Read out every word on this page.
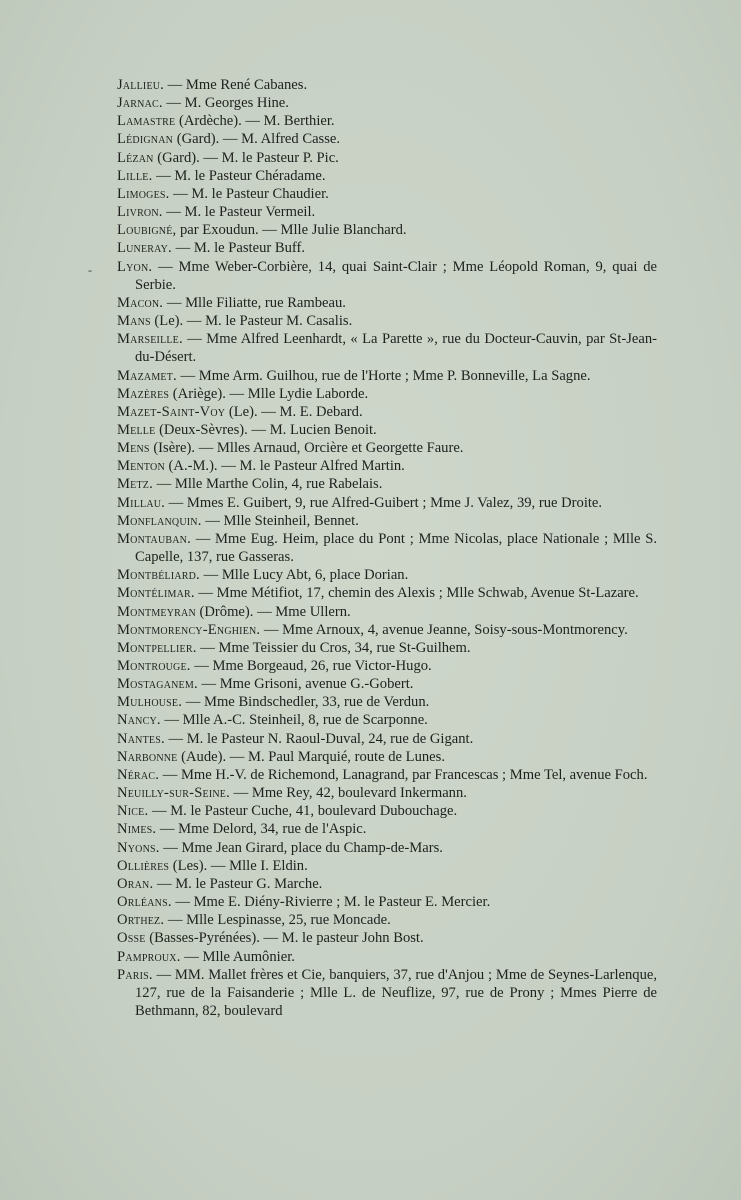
-
Jallieu. — Mme René Cabanes.
Jarnac. — M. Georges Hine.
Lamastre (Ardèche). — M. Berthier.
Lédignan (Gard). — M. Alfred Casse.
Lézan (Gard). — M. le Pasteur P. Pic.
Lille. — M. le Pasteur Chéradame.
Limoges. — M. le Pasteur Chaudier.
Livron. — M. le Pasteur Vermeil.
Loubigné, par Exoudun. — Mlle Julie Blanchard.
Luneray. — M. le Pasteur Buff.
Lyon. — Mme Weber-Corbière, 14, quai Saint-Clair ; Mme Léopold Roman, 9, quai de Serbie.
Macon. — Mlle Filiatte, rue Rambeau.
Mans (Le). — M. le Pasteur M. Casalis.
Marseille. — Mme Alfred Leenhardt, « La Parette », rue du Docteur-Cauvin, par St-Jean-du-Désert.
Mazamet. — Mme Arm. Guilhou, rue de l'Horte ; Mme P. Bonneville, La Sagne.
Mazères (Ariège). — Mlle Lydie Laborde.
Mazet-Saint-Voy (Le). — M. E. Debard.
Melle (Deux-Sèvres). — M. Lucien Benoit.
Mens (Isère). — Mlles Arnaud, Orcière et Georgette Faure.
Menton (A.-M.). — M. le Pasteur Alfred Martin.
Metz. — Mlle Marthe Colin, 4, rue Rabelais.
Millau. — Mmes E. Guibert, 9, rue Alfred-Guibert ; Mme J. Valez, 39, rue Droite.
Monflanquin. — Mlle Steinheil, Bennet.
Montauban. — Mme Eug. Heim, place du Pont ; Mme Nicolas, place Nationale ; Mlle S. Capelle, 137, rue Gasseras.
Montbéliard. — Mlle Lucy Abt, 6, place Dorian.
Montélimar. — Mme Métifiot, 17, chemin des Alexis ; Mlle Schwab, Avenue St-Lazare.
Montmeyran (Drôme). — Mme Ullern.
Montmorency-Enghien. — Mme Arnoux, 4, avenue Jeanne, Soisy-sous-Montmorency.
Montpellier. — Mme Teissier du Cros, 34, rue St-Guilhem.
Montrouge. — Mme Borgeaud, 26, rue Victor-Hugo.
Mostaganem. — Mme Grisoni, avenue G.-Gobert.
Mulhouse. — Mme Bindschedler, 33, rue de Verdun.
Nancy. — Mlle A.-C. Steinheil, 8, rue de Scarponne.
Nantes. — M. le Pasteur N. Raoul-Duval, 24, rue de Gigant.
Narbonne (Aude). — M. Paul Marquié, route de Lunes.
Nérac. — Mme H.-V. de Richemond, Lanagrand, par Francescas ; Mme Tel, avenue Foch.
Neuilly-sur-Seine. — Mme Rey, 42, boulevard Inkermann.
Nice. — M. le Pasteur Cuche, 41, boulevard Dubouchage.
Nimes. — Mme Delord, 34, rue de l'Aspic.
Nyons. — Mme Jean Girard, place du Champ-de-Mars.
Ollières (Les). — Mlle I. Eldin.
Oran. — M. le Pasteur G. Marche.
Orléans. — Mme E. Diény-Rivierre ; M. le Pasteur E. Mercier.
Orthez. — Mlle Lespinasse, 25, rue Moncade.
Osse (Basses-Pyrénées). — M. le pasteur John Bost.
Pamproux. — Mlle Aumônier.
Paris. — MM. Mallet frères et Cie, banquiers, 37, rue d'Anjou ; Mme de Seynes-Larlenque, 127, rue de la Faisanderie ; Mlle L. de Neuflize, 97, rue de Prony ; Mmes Pierre de Bethmann, 82, boulevard
